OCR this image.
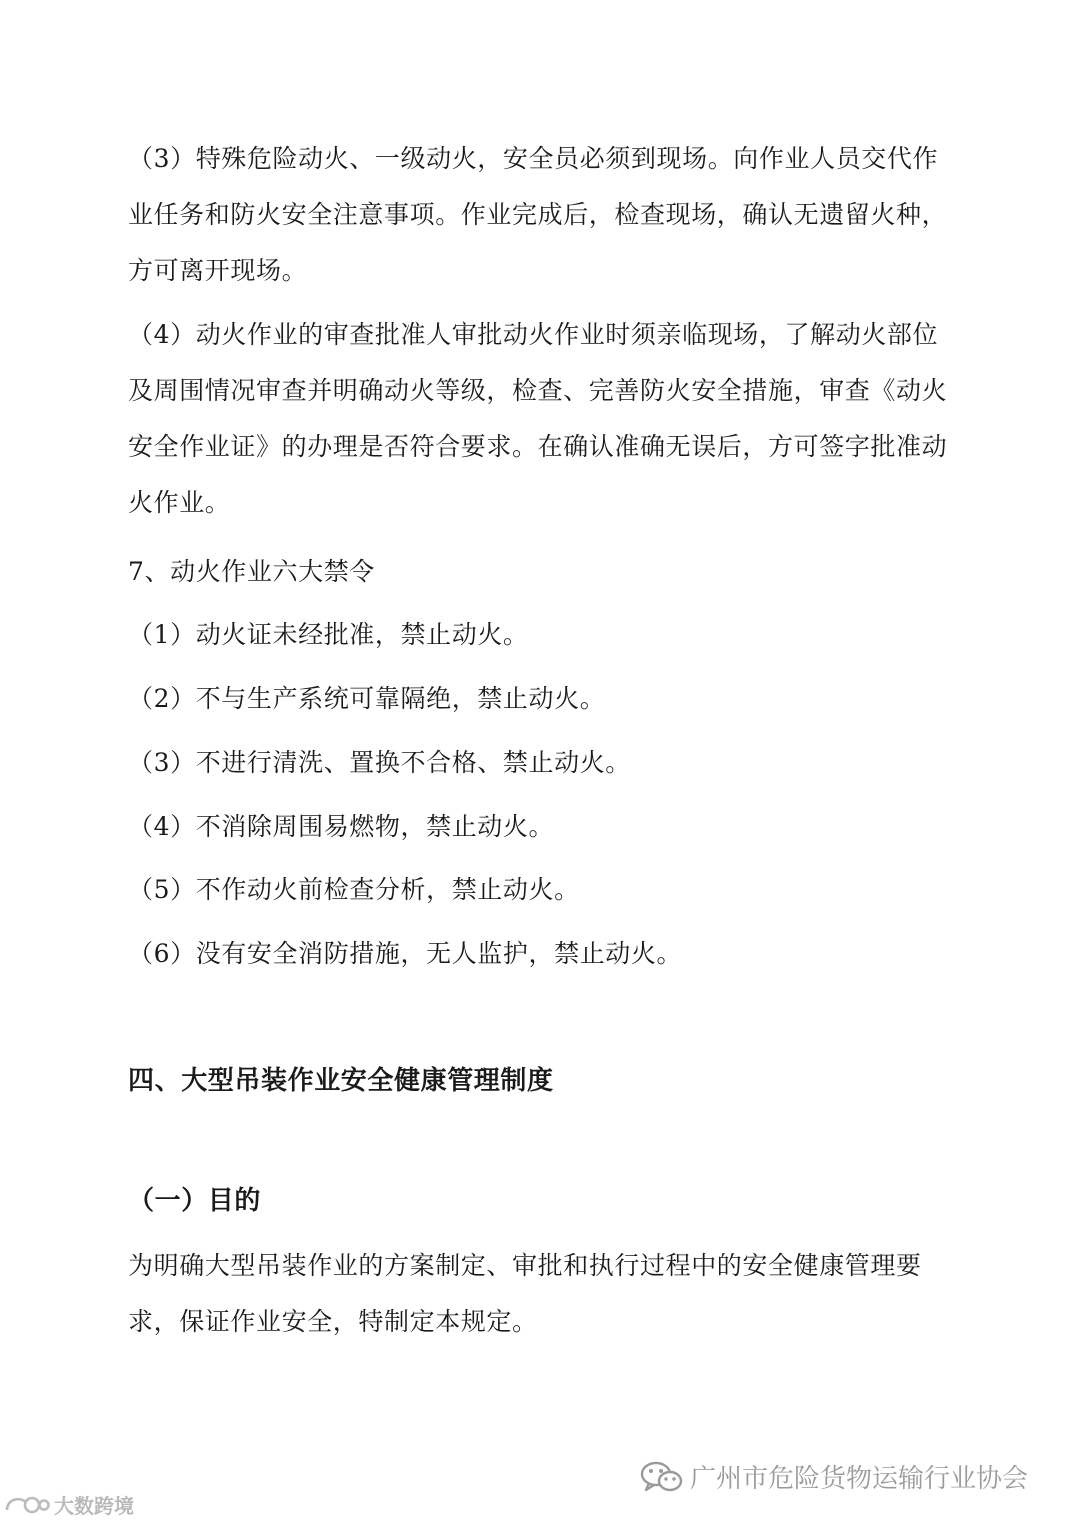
（3）特殊危险动火、一级动火，安全员必须到现场。向作业人员交代作业任务和防火安全注意事项。作业完成后，检查现场，确认无遗留火种，方可离开现场。

（4）动火作业的审查批准人审批动火作业时须亲临现场，了解动火部位及周围情况审查并明确动火等级，检查、完善防火安全措施，审查《动火安全作业证》的办理是否符合要求。在确认准确无误后，方可签字批准动火作业。

7、动火作业六大禁令

（1）动火证未经批准，禁止动火。

（2）不与生产系统可靠隔绝，禁止动火。

（3）不进行清洗、置换不合格、禁止动火。

（4）不消除周围易燃物，禁止动火。

（5）不作动火前检查分析，禁止动火。

（6）没有安全消防措施，无人监护，禁止动火。

四、大型吊装作业安全健康管理制度

（一）目的

为明确大型吊装作业的方案制定、审批和执行过程中的安全健康管理要求，保证作业安全，特制定本规定。

广州市危险货物运输行业协会
大数跨境
